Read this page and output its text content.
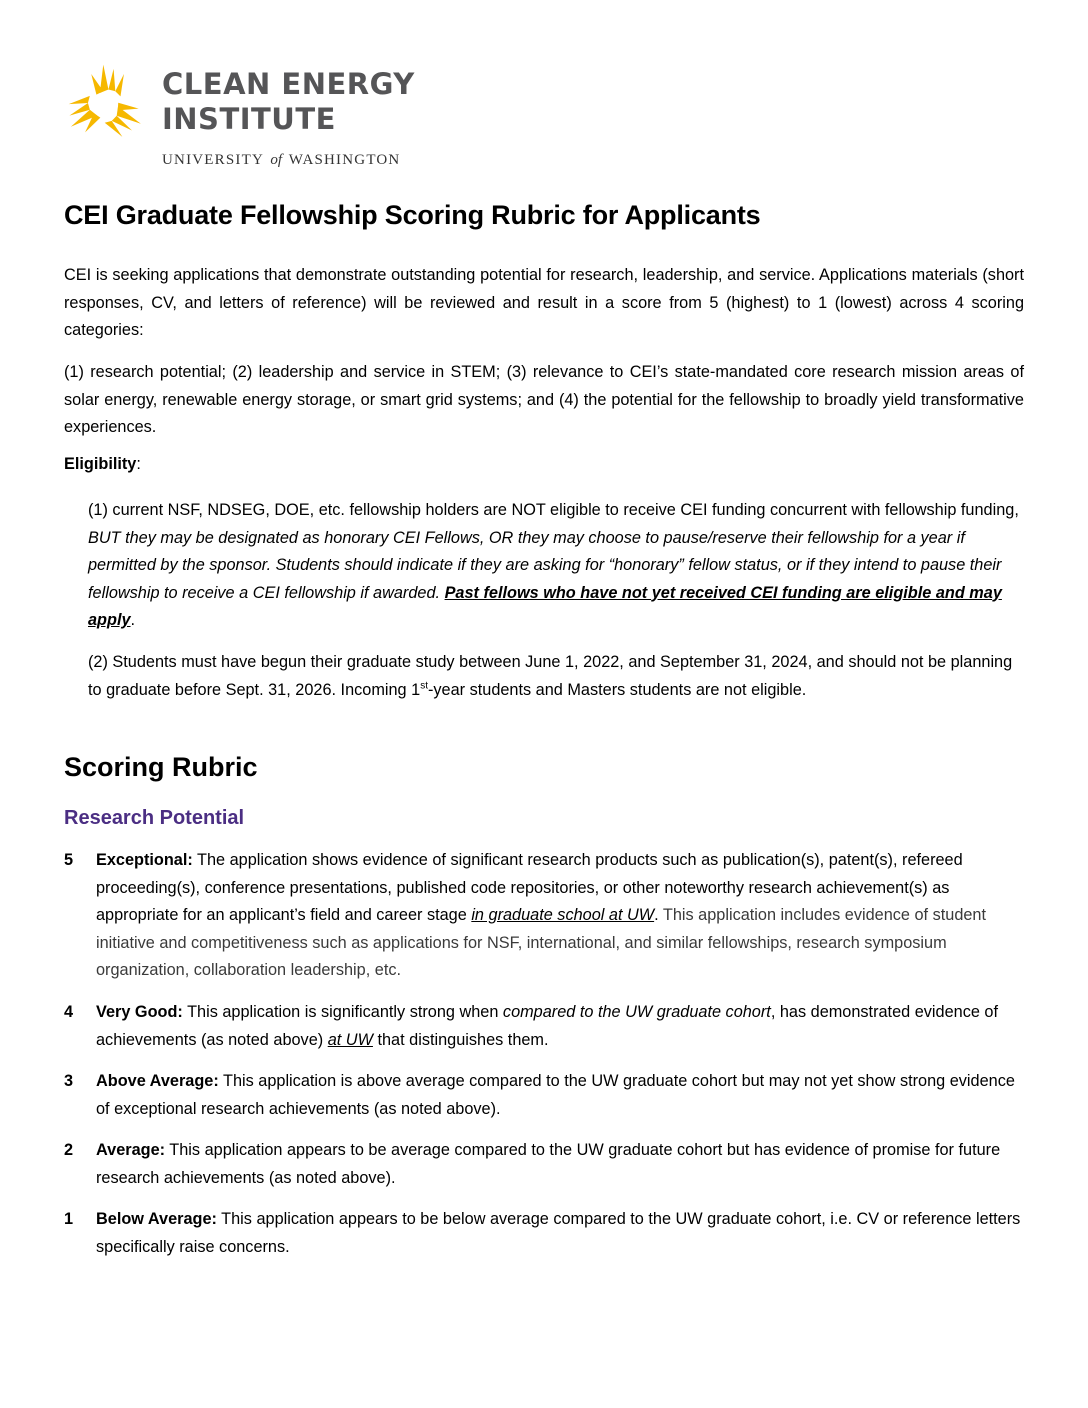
CLEAN ENERGY
INSTITUTE
UNIVERSITY of WASHINGTON
CEI Graduate Fellowship Scoring Rubric for Applicants

CEI is seeking applications that demonstrate outstanding potential for research, leadership, and service. Applications materials (short responses, CV, and letters of reference) will be reviewed and result in a score from 5 (highest) to 1 (lowest) across 4 scoring categories:

(1) research potential; (2) leadership and service in STEM; (3) relevance to CEI’s state-mandated core research mission areas of solar energy, renewable energy storage, or smart grid systems; and (4) the potential for the fellowship to broadly yield transformative experiences.

Eligibility:

(1) current NSF, NDSEG, DOE, etc. fellowship holders are NOT eligible to receive CEI funding concurrent with fellowship funding, BUT they may be designated as honorary CEI Fellows, OR they may choose to pause/reserve their fellowship for a year if permitted by the sponsor. Students should indicate if they are asking for “honorary” fellow status, or if they intend to pause their fellowship to receive a CEI fellowship if awarded. Past fellows who have not yet received CEI funding are eligible and may apply.

(2) Students must have begun their graduate study between June 1, 2022, and September 31, 2024, and should not be planning to graduate before Sept. 31, 2026. Incoming 1st-year students and Masters students are not eligible.

Scoring Rubric
Research Potential
5	Exceptional: The application shows evidence of significant research products such as publication(s), patent(s), refereed proceeding(s), conference presentations, published code repositories, or other noteworthy research achievement(s) as appropriate for an applicant’s field and career stage in graduate school at UW. This application includes evidence of student initiative and competitiveness such as applications for NSF, international, and similar fellowships, research symposium organization, collaboration leadership, etc.
4	Very Good: This application is significantly strong when compared to the UW graduate cohort, has demonstrated evidence of achievements (as noted above) at UW that distinguishes them.
3	Above Average: This application is above average compared to the UW graduate cohort but may not yet show strong evidence of exceptional research achievements (as noted above).
2	Average: This application appears to be average compared to the UW graduate cohort but has evidence of promise for future research achievements (as noted above).
1	Below Average: This application appears to be below average compared to the UW graduate cohort, i.e. CV or reference letters specifically raise concerns.
